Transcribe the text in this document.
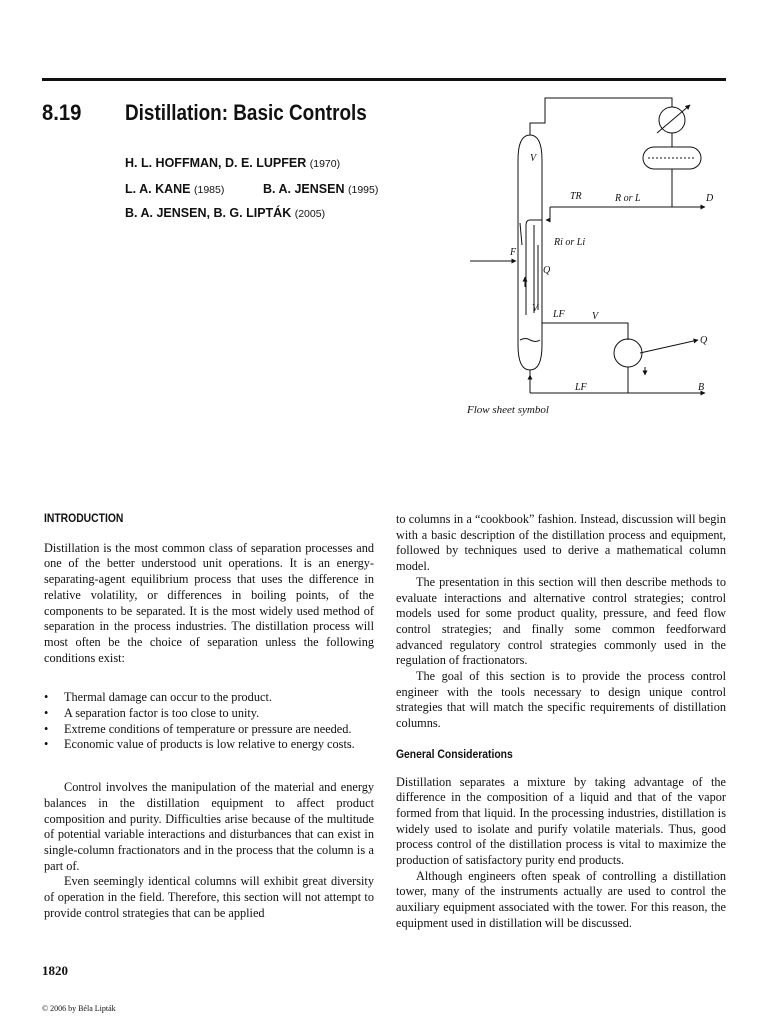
8.19 Distillation: Basic Controls
H. L. HOFFMAN, D. E. LUPFER (1970)
L. A. KANE (1985)	B. A. JENSEN (1995)
B. A. JENSEN, B. G. LIPTÁK (2005)
V
TR	R or L	D
Ri or Li
F
Q
V
LF	V
Q
LF	B
Flow sheet symbol
INTRODUCTION

Distillation is the most common class of separation processes and one of the better understood unit operations. It is an energy-separating-agent equilibrium process that uses the difference in relative volatility, or differences in boiling points, of the components to be separated. It is the most widely used method of separation in the process industries. The distillation process will most often be the choice of separation unless the following conditions exist:

• Thermal damage can occur to the product.
• A separation factor is too close to unity.
• Extreme conditions of temperature or pressure are needed.
• Economic value of products is low relative to energy costs.

Control involves the manipulation of the material and energy balances in the distillation equipment to affect product composition and purity. Difficulties arise because of the multitude of potential variable interactions and disturbances that can exist in single-column fractionators and in the process that the column is a part of.

Even seemingly identical columns will exhibit great diversity of operation in the field. Therefore, this section will not attempt to provide control strategies that can be applied

to columns in a “cookbook” fashion. Instead, discussion will begin with a basic description of the distillation process and equipment, followed by techniques used to derive a mathematical column model.

The presentation in this section will then describe methods to evaluate interactions and alternative control strategies; control models used for some product quality, pressure, and feed flow control strategies; and finally some common feedforward advanced regulatory control strategies commonly used in the regulation of fractionators.

The goal of this section is to provide the process control engineer with the tools necessary to design unique control strategies that will match the specific requirements of distillation columns.

General Considerations

Distillation separates a mixture by taking advantage of the difference in the composition of a liquid and that of the vapor formed from that liquid. In the processing industries, distillation is widely used to isolate and purify volatile materials. Thus, good process control of the distillation process is vital to maximize the production of satisfactory purity end products.

Although engineers often speak of controlling a distillation tower, many of the instruments actually are used to control the auxiliary equipment associated with the tower. For this reason, the equipment used in distillation will be discussed.

1820
© 2006 by Béla Lipták
